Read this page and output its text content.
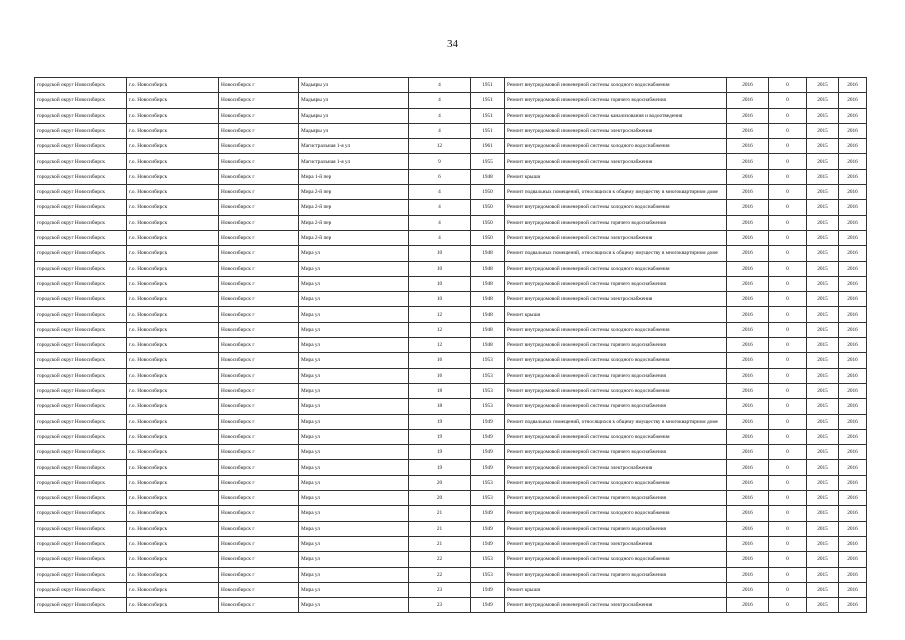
34
городской округ Новосибирск	г.о. Новосибирск	Новосибирск г	Мадьяры ул	4	1951	Ремонт внутридомовой инженерной системы холодного водоснабжения	2016	0	2015	2016
городской округ Новосибирск	г.о. Новосибирск	Новосибирск г	Мадьяры ул	4	1951	Ремонт внутридомовой инженерной системы горячего водоснабжения	2016	0	2015	2016
городской округ Новосибирск	г.о. Новосибирск	Новосибирск г	Мадьяры ул	4	1951	Ремонт внутридомовой инженерной системы канализования и водоотведения	2016	0	2015	2016
городской округ Новосибирск	г.о. Новосибирск	Новосибирск г	Мадьяры ул	4	1951	Ремонт внутридомовой инженерной системы электроснабжения	2016	0	2015	2016
городской округ Новосибирск	г.о. Новосибирск	Новосибирск г	Магистральная 1-я ул	12	1961	Ремонт внутридомовой инженерной системы холодного водоснабжения	2016	0	2015	2016
городской округ Новосибирск	г.о. Новосибирск	Новосибирск г	Магистральная 1-я ул	9	1955	Ремонт внутридомовой инженерной системы электроснабжения	2016	0	2015	2016
городской округ Новосибирск	г.о. Новосибирск	Новосибирск г	Мира 1-й пер	6	1948	Ремонт крыши	2016	0	2015	2016
городской округ Новосибирск	г.о. Новосибирск	Новосибирск г	Мира 2-й пер	4	1950	Ремонт подвальных помещений, относящихся к общему имуществу в многоквартирном доме	2016	0	2015	2016
городской округ Новосибирск	г.о. Новосибирск	Новосибирск г	Мира 2-й пер	4	1950	Ремонт внутридомовой инженерной системы холодного водоснабжения	2016	0	2015	2016
городской округ Новосибирск	г.о. Новосибирск	Новосибирск г	Мира 2-й пер	4	1950	Ремонт внутридомовой инженерной системы горячего водоснабжения	2016	0	2015	2016
городской округ Новосибирск	г.о. Новосибирск	Новосибирск г	Мира 2-й пер	4	1950	Ремонт внутридомовой инженерной системы электроснабжения	2016	0	2015	2016
городской округ Новосибирск	г.о. Новосибирск	Новосибирск г	Мира ул	10	1948	Ремонт подвальных помещений, относящихся к общему имуществу в многоквартирном доме	2016	0	2015	2016
городской округ Новосибирск	г.о. Новосибирск	Новосибирск г	Мира ул	10	1948	Ремонт внутридомовой инженерной системы холодного водоснабжения	2016	0	2015	2016
городской округ Новосибирск	г.о. Новосибирск	Новосибирск г	Мира ул	10	1948	Ремонт внутридомовой инженерной системы горячего водоснабжения	2016	0	2015	2016
городской округ Новосибирск	г.о. Новосибирск	Новосибирск г	Мира ул	10	1948	Ремонт внутридомовой инженерной системы электроснабжения	2016	0	2015	2016
городской округ Новосибирск	г.о. Новосибирск	Новосибирск г	Мира ул	12	1948	Ремонт крыши	2016	0	2015	2016
городской округ Новосибирск	г.о. Новосибирск	Новосибирск г	Мира ул	12	1948	Ремонт внутридомовой инженерной системы холодного водоснабжения	2016	0	2015	2016
городской округ Новосибирск	г.о. Новосибирск	Новосибирск г	Мира ул	12	1948	Ремонт внутридомовой инженерной системы горячего водоснабжения	2016	0	2015	2016
городской округ Новосибирск	г.о. Новосибирск	Новосибирск г	Мира ул	16	1953	Ремонт внутридомовой инженерной системы холодного водоснабжения	2016	0	2015	2016
городской округ Новосибирск	г.о. Новосибирск	Новосибирск г	Мира ул	16	1953	Ремонт внутридомовой инженерной системы горячего водоснабжения	2016	0	2015	2016
городской округ Новосибирск	г.о. Новосибирск	Новосибирск г	Мира ул	18	1953	Ремонт внутридомовой инженерной системы холодного водоснабжения	2016	0	2015	2016
городской округ Новосибирск	г.о. Новосибирск	Новосибирск г	Мира ул	18	1953	Ремонт внутридомовой инженерной системы горячего водоснабжения	2016	0	2015	2016
городской округ Новосибирск	г.о. Новосибирск	Новосибирск г	Мира ул	19	1949	Ремонт подвальных помещений, относящихся к общему имуществу в многоквартирном доме	2016	0	2015	2016
городской округ Новосибирск	г.о. Новосибирск	Новосибирск г	Мира ул	19	1949	Ремонт внутридомовой инженерной системы холодного водоснабжения	2016	0	2015	2016
городской округ Новосибирск	г.о. Новосибирск	Новосибирск г	Мира ул	19	1949	Ремонт внутридомовой инженерной системы горячего водоснабжения	2016	0	2015	2016
городской округ Новосибирск	г.о. Новосибирск	Новосибирск г	Мира ул	19	1949	Ремонт внутридомовой инженерной системы электроснабжения	2016	0	2015	2016
городской округ Новосибирск	г.о. Новосибирск	Новосибирск г	Мира ул	20	1953	Ремонт внутридомовой инженерной системы холодного водоснабжения	2016	0	2015	2016
городской округ Новосибирск	г.о. Новосибирск	Новосибирск г	Мира ул	20	1953	Ремонт внутридомовой инженерной системы горячего водоснабжения	2016	0	2015	2016
городской округ Новосибирск	г.о. Новосибирск	Новосибирск г	Мира ул	21	1949	Ремонт внутридомовой инженерной системы холодного водоснабжения	2016	0	2015	2016
городской округ Новосибирск	г.о. Новосибирск	Новосибирск г	Мира ул	21	1949	Ремонт внутридомовой инженерной системы горячего водоснабжения	2016	0	2015	2016
городской округ Новосибирск	г.о. Новосибирск	Новосибирск г	Мира ул	21	1949	Ремонт внутридомовой инженерной системы электроснабжения	2016	0	2015	2016
городской округ Новосибирск	г.о. Новосибирск	Новосибирск г	Мира ул	22	1953	Ремонт внутридомовой инженерной системы холодного водоснабжения	2016	0	2015	2016
городской округ Новосибирск	г.о. Новосибирск	Новосибирск г	Мира ул	22	1953	Ремонт внутридомовой инженерной системы горячего водоснабжения	2016	0	2015	2016
городской округ Новосибирск	г.о. Новосибирск	Новосибирск г	Мира ул	23	1949	Ремонт крыши	2016	0	2015	2016
городской округ Новосибирск	г.о. Новосибирск	Новосибирск г	Мира ул	23	1949	Ремонт внутридомовой инженерной системы электроснабжения	2016	0	2015	2016
